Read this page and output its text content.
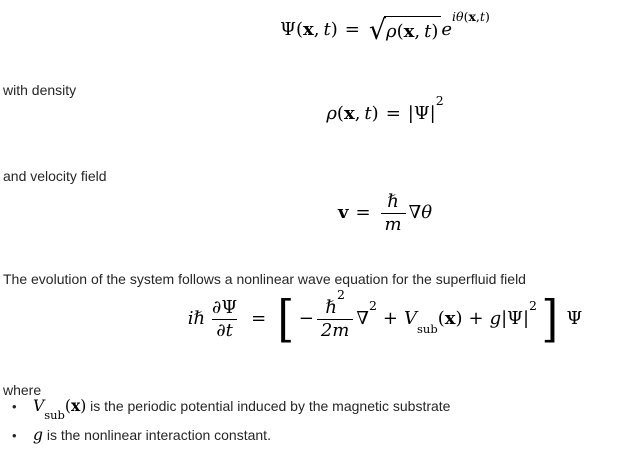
Ψ(x, t) = √ ρ(x, t) $e^{i\theta(x,t)}$

with density

ρ(x, $t) = |\Psi|^2$

and velocity field

$v = \frac{\text{ℏ}}{m} \nabla\theta$

The evolution of the system follows a nonlinear wave equation for the superfluid field

iℏ $\frac{\partial\Psi}{\partial t}$ = [ − $\frac{\hbar^2}{2m} \nabla^2$
+ $V_{sub}(x) + g|\Psi|^2$ ] Ψ

where

•	$V_{sub}(x)$ is the periodic potential induced by the magnetic substrate
•	g is the nonlinear interaction constant.
